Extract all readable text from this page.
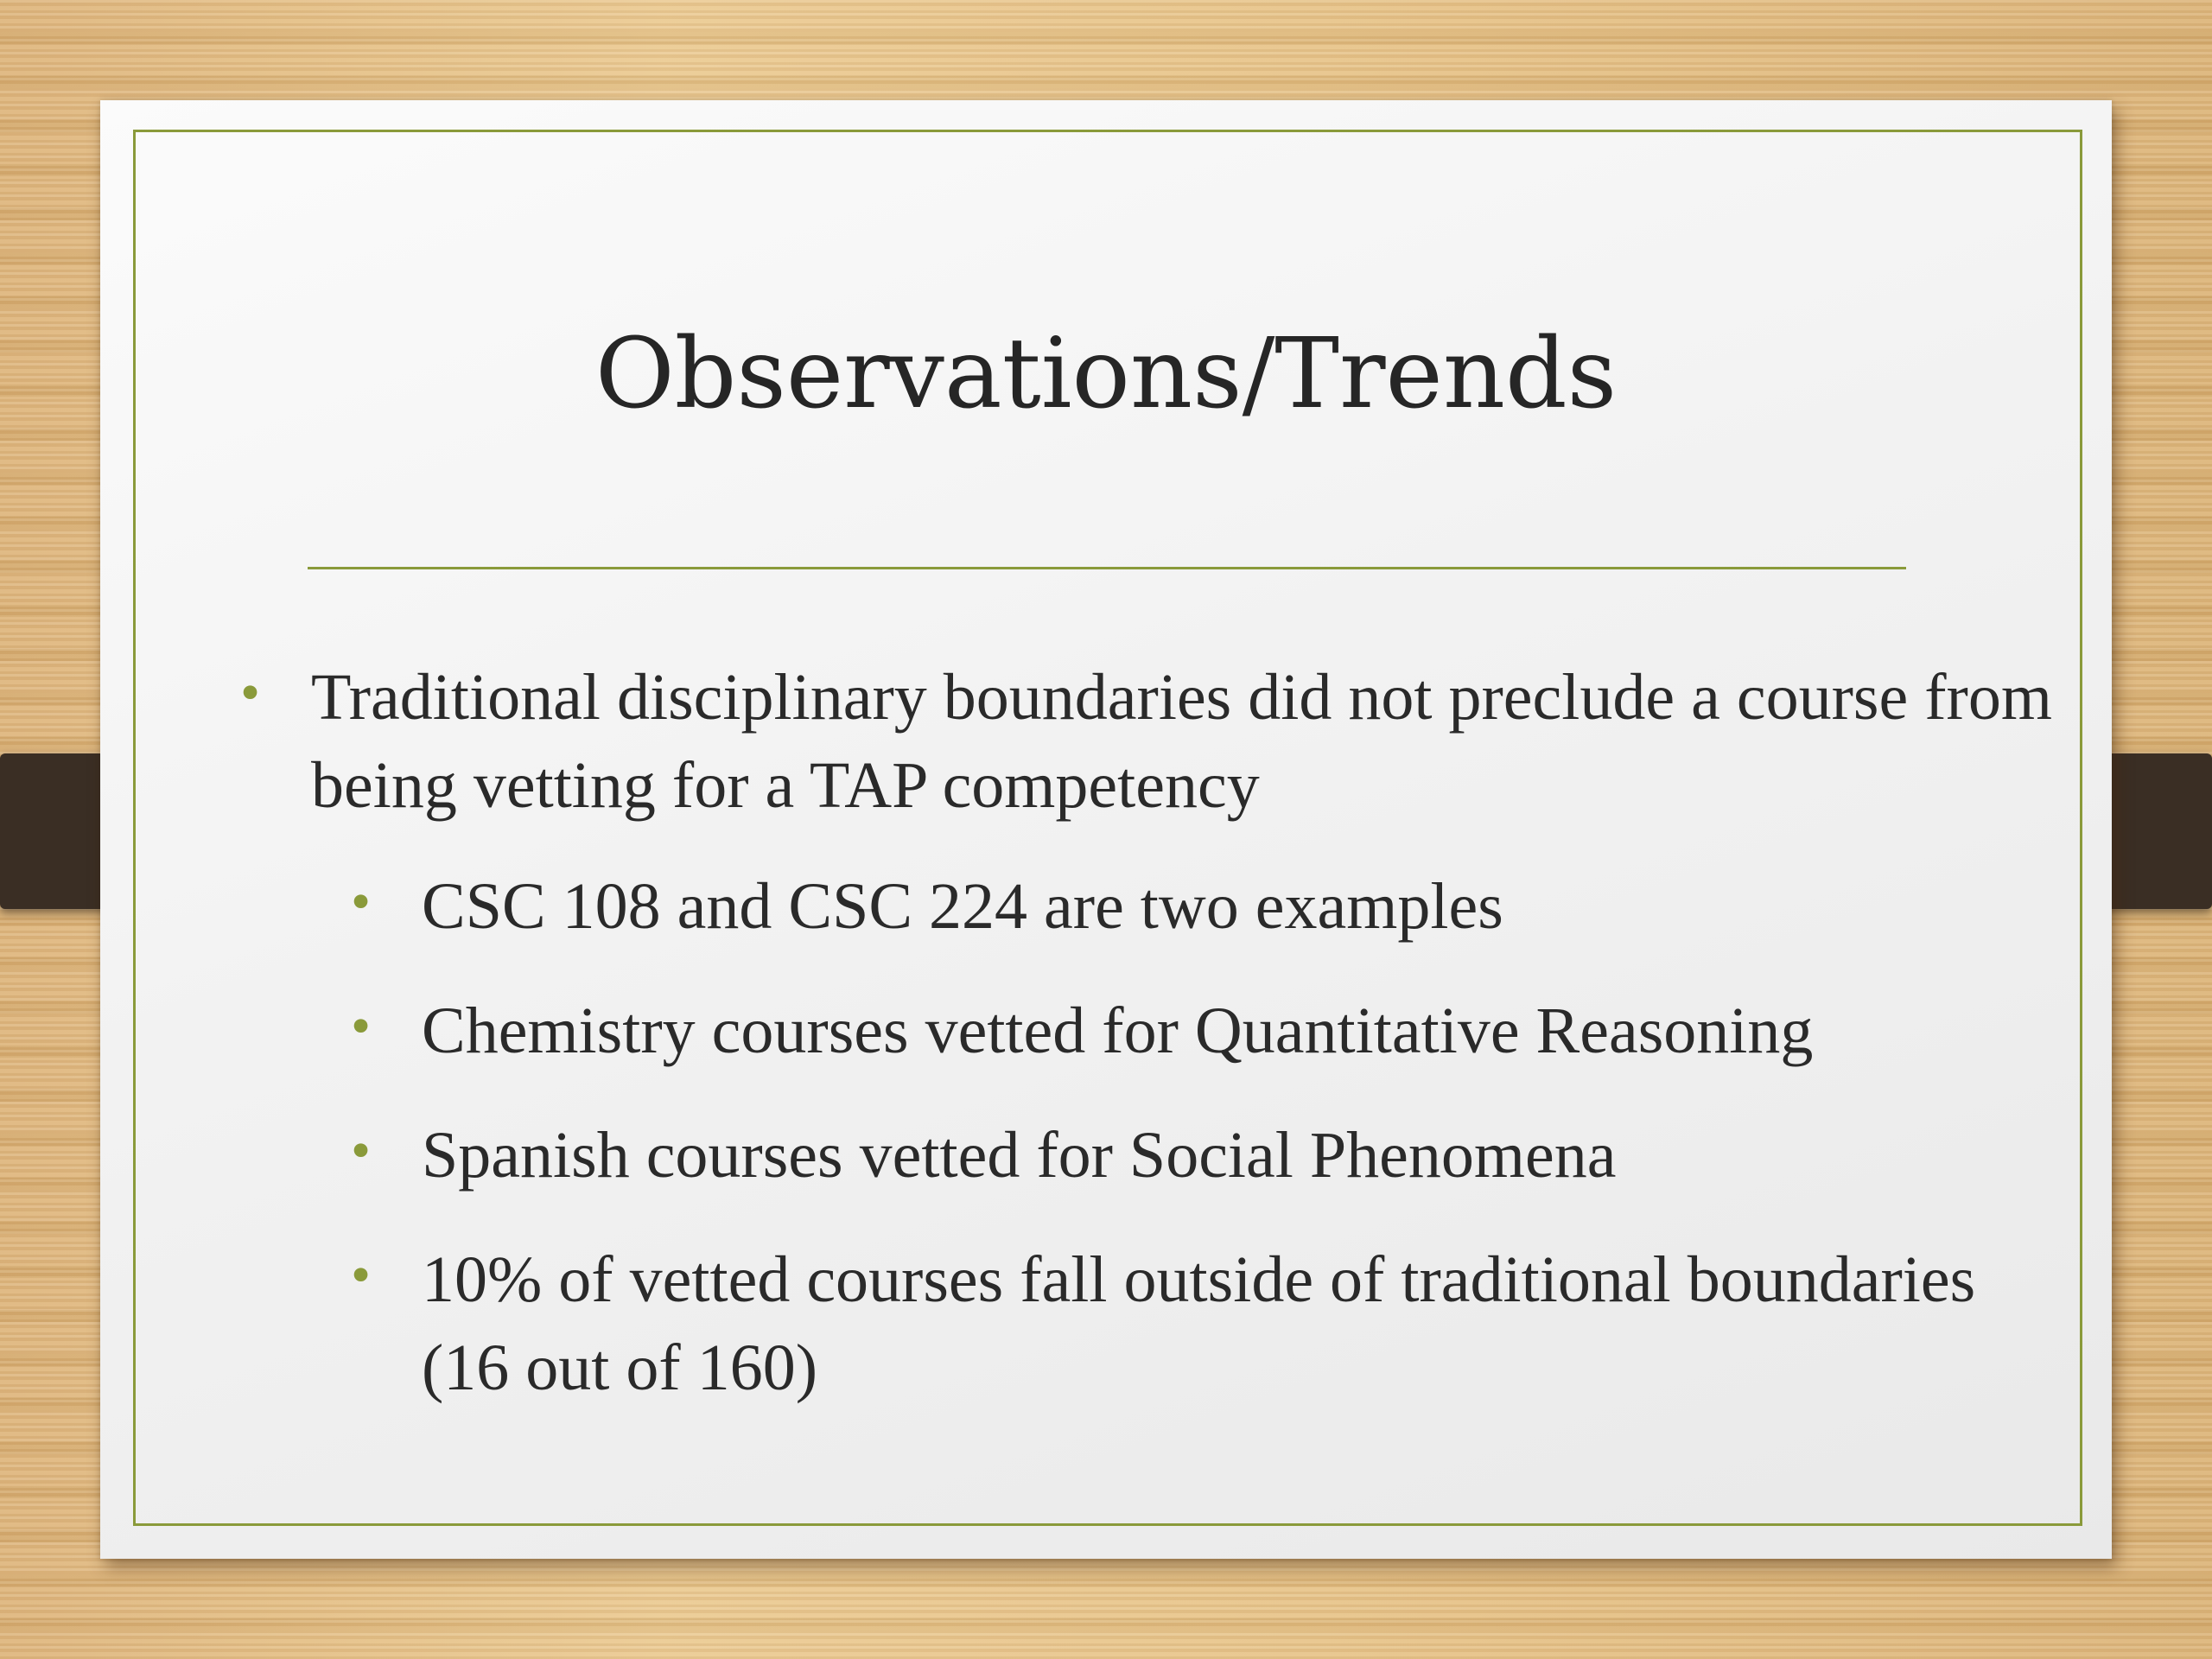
Observations/Trends
• Traditional disciplinary boundaries did not preclude a course from being vetting for a TAP competency
• CSC 108 and CSC 224 are two examples
• Chemistry courses vetted for Quantitative Reasoning
• Spanish courses vetted for Social Phenomena
• 10% of vetted courses fall outside of traditional boundaries (16 out of 160)
